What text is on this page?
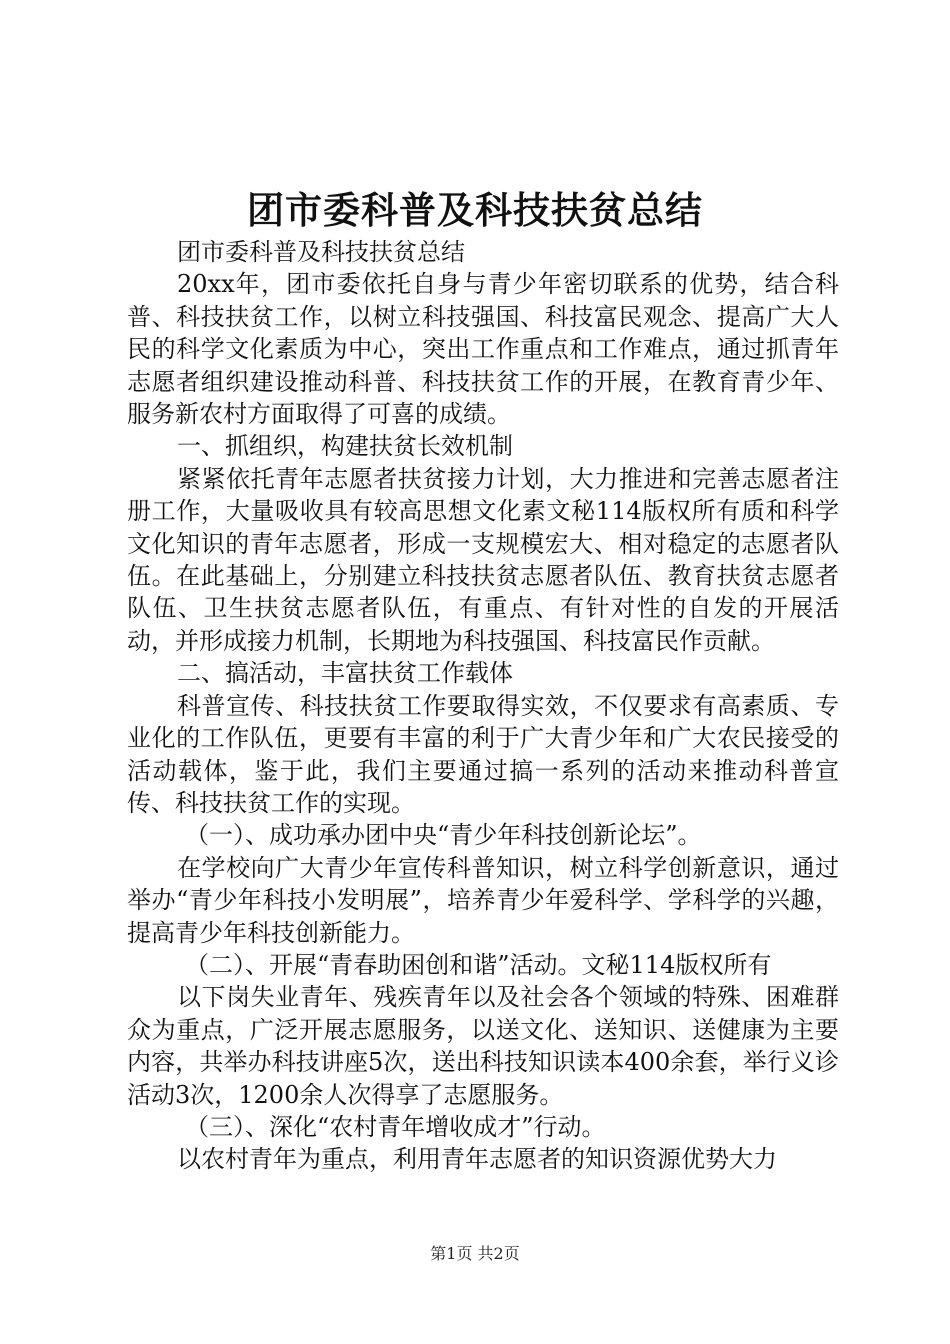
团市委科普及科技扶贫总结

团市委科普及科技扶贫总结

20xx年，团市委依托自身与青少年密切联系的优势，结合科普、科技扶贫工作，以树立科技强国、科技富民观念、提高广大人民的科学文化素质为中心，突出工作重点和工作难点，通过抓青年志愿者组织建设推动科普、科技扶贫工作的开展，在教育青少年、服务新农村方面取得了可喜的成绩。

一、抓组织，构建扶贫长效机制

紧紧依托青年志愿者扶贫接力计划，大力推进和完善志愿者注册工作，大量吸收具有较高思想文化素文秘114版权所有质和科学文化知识的青年志愿者，形成一支规模宏大、相对稳定的志愿者队伍。在此基础上，分别建立科技扶贫志愿者队伍、教育扶贫志愿者队伍、卫生扶贫志愿者队伍，有重点、有针对性的自发的开展活动，并形成接力机制，长期地为科技强国、科技富民作贡献。

二、搞活动，丰富扶贫工作载体

科普宣传、科技扶贫工作要取得实效，不仅要求有高素质、专业化的工作队伍，更要有丰富的利于广大青少年和广大农民接受的活动载体，鉴于此，我们主要通过搞一系列的活动来推动科普宣传、科技扶贫工作的实现。

（一）、成功承办团中央“青少年科技创新论坛”。

在学校向广大青少年宣传科普知识，树立科学创新意识，通过举办“青少年科技小发明展”，培养青少年爱科学、学科学的兴趣，提高青少年科技创新能力。

（二）、开展“青春助困创和谐”活动。文秘114版权所有

以下岗失业青年、残疾青年以及社会各个领域的特殊、困难群众为重点，广泛开展志愿服务，以送文化、送知识、送健康为主要内容，共举办科技讲座5次，送出科技知识读本400余套，举行义诊活动3次，1200余人次得享了志愿服务。

（三）、深化“农村青年增收成才”行动。

以农村青年为重点，利用青年志愿者的知识资源优势大力

第1页 共2页
